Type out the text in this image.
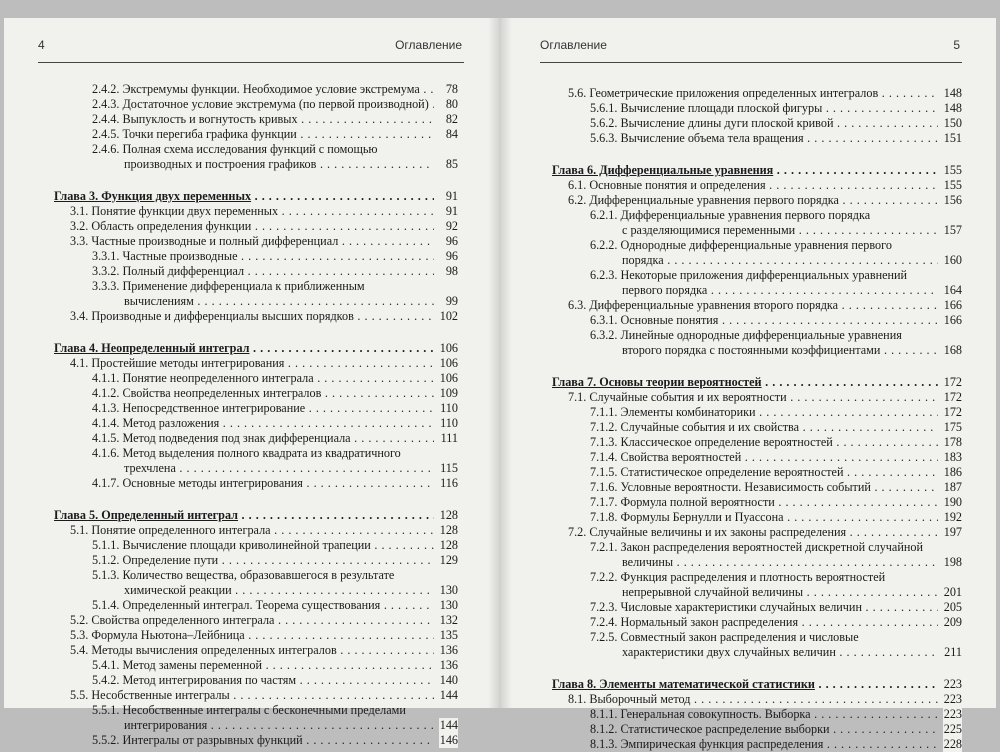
4	Оглавление
2.4.2. Экстремумы функции. Необходимое условие экстремума . . .	78
2.4.3. Достаточное условие экстремума (по первой производной) . . .	80
2.4.4. Выпуклость и вогнутость кривых . . .	82
2.4.5. Точки перегиба графика функции . . .	84
2.4.6. Полная схема исследования функций с помощью
производных и построения графиков . . .	85
Глава 3. Функция двух переменных . . .	91
3.1. Понятие функции двух переменных . . .	91
3.2. Область определения функции . . .	92
3.3. Частные производные и полный дифференциал . . .	96
3.3.1. Частные производные . . .	96
3.3.2. Полный дифференциал . . .	98
3.3.3. Применение дифференциала к приближенным
вычислениям . . .	99
3.4. Производные и дифференциалы высших порядков . . .	102
Глава 4. Неопределенный интеграл . . .	106
4.1. Простейшие методы интегрирования . . .	106
4.1.1. Понятие неопределенного интеграла . . .	106
4.1.2. Свойства неопределенных интегралов . . .	109
4.1.3. Непосредственное интегрирование . . .	110
4.1.4. Метод разложения . . .	110
4.1.5. Метод подведения под знак дифференциала . . .	111
4.1.6. Метод выделения полного квадрата из квадратичного
трехчлена . . .	115
4.1.7. Основные методы интегрирования . . .	116
Глава 5. Определенный интеграл . . .	128
5.1. Понятие определенного интеграла . . .	128
5.1.1. Вычисление площади криволинейной трапеции . . .	128
5.1.2. Определение пути . . .	129
5.1.3. Количество вещества, образовавшегося в результате
химической реакции . . .	130
5.1.4. Определенный интеграл. Теорема существования . . .	130
5.2. Свойства определенного интеграла . . .	132
5.3. Формула Ньютона–Лейбница . . .	135
5.4. Методы вычисления определенных интегралов . . .	136
5.4.1. Метод замены переменной . . .	136
5.4.2. Метод интегрирования по частям . . .	140
5.5. Несобственные интегралы . . .	144
5.5.1. Несобственные интегралы с бесконечными пределами
интегрирования . . .	144
5.5.2. Интегралы от разрывных функций . . .	146
Оглавление	5
5.6. Геометрические приложения определенных интегралов . . .	148
5.6.1. Вычисление площади плоской фигуры . . .	148
5.6.2. Вычисление длины дуги плоской кривой . . .	150
5.6.3. Вычисление объема тела вращения . . .	151
Глава 6. Дифференциальные уравнения . . .	155
6.1. Основные понятия и определения . . .	155
6.2. Дифференциальные уравнения первого порядка . . .	156
6.2.1. Дифференциальные уравнения первого порядка
с разделяющимися переменными . . .	157
6.2.2. Однородные дифференциальные уравнения первого
порядка . . .	160
6.2.3. Некоторые приложения дифференциальных уравнений
первого порядка . . .	164
6.3. Дифференциальные уравнения второго порядка . . .	166
6.3.1. Основные понятия . . .	166
6.3.2. Линейные однородные дифференциальные уравнения
второго порядка с постоянными коэффициентами . . .	168
Глава 7. Основы теории вероятностей . . .	172
7.1. Случайные события и их вероятности . . .	172
7.1.1. Элементы комбинаторики . . .	172
7.1.2. Случайные события и их свойства . . .	175
7.1.3. Классическое определение вероятностей . . .	178
7.1.4. Свойства вероятностей . . .	183
7.1.5. Статистическое определение вероятностей . . .	186
7.1.6. Условные вероятности. Независимость событий . . .	187
7.1.7. Формула полной вероятности . . .	190
7.1.8. Формулы Бернулли и Пуассона . . .	192
7.2. Случайные величины и их законы распределения . . .	197
7.2.1. Закон распределения вероятностей дискретной случайной
величины . . .	198
7.2.2. Функция распределения и плотность вероятностей
непрерывной случайной величины . . .	201
7.2.3. Числовые характеристики случайных величин . . .	205
7.2.4. Нормальный закон распределения . . .	209
7.2.5. Совместный закон распределения и числовые
характеристики двух случайных величин . . .	211
Глава 8. Элементы математической статистики . . .	223
8.1. Выборочный метод . . .	223
8.1.1. Генеральная совокупность. Выборка . . .	223
8.1.2. Статистическое распределение выборки . . .	225
8.1.3. Эмпирическая функция распределения . . .	228
